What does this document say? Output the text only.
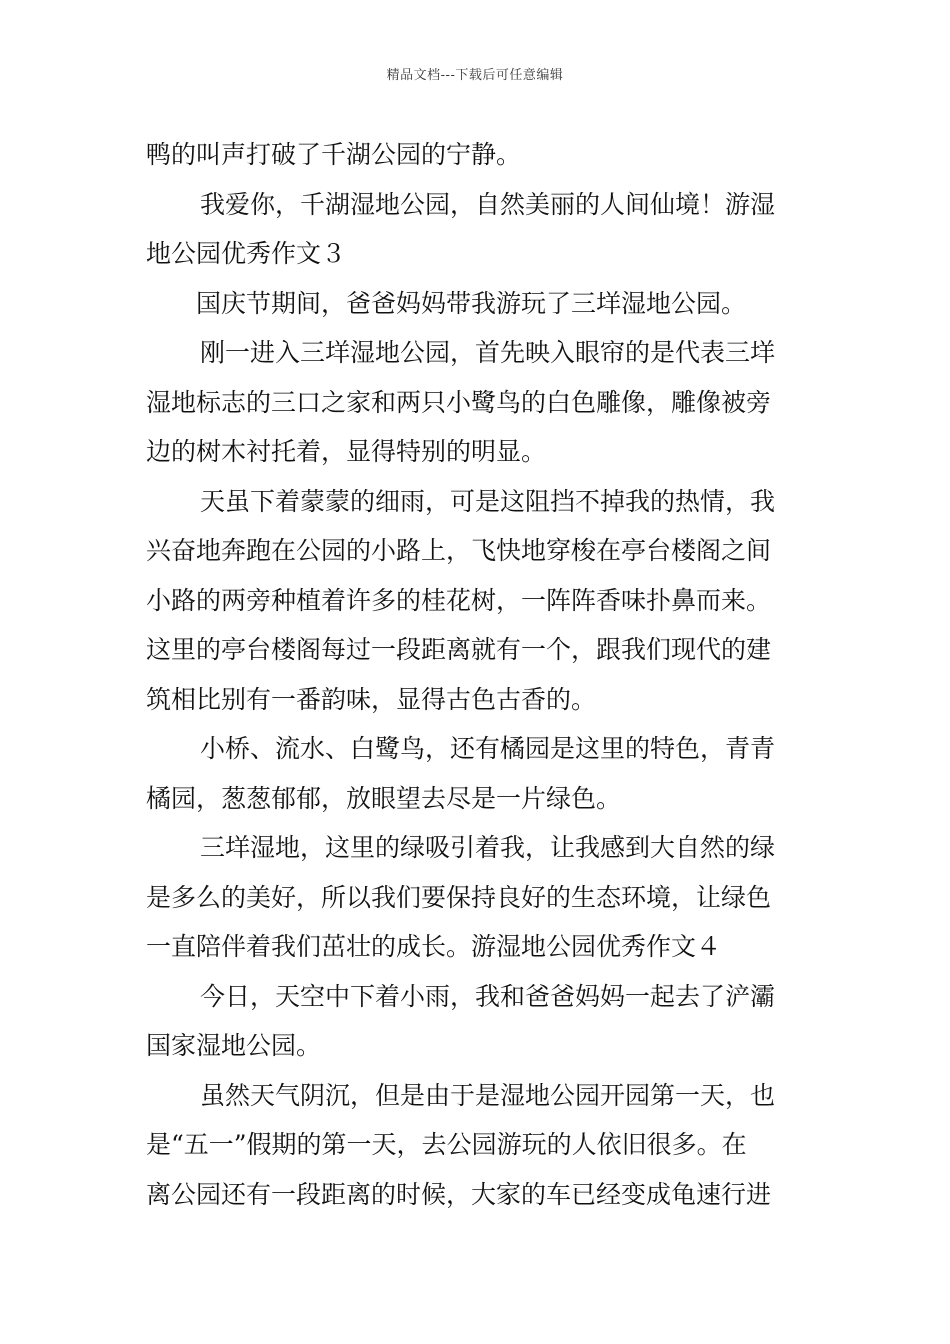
精品文档---下载后可任意编辑
鸭的叫声打破了千湖公园的宁静。
我爱你，千湖湿地公园，自然美丽的人间仙境！游湿
地公园优秀作文３
国庆节期间，爸爸妈妈带我游玩了三垟湿地公园。
刚一进入三垟湿地公园，首先映入眼帘的是代表三垟
湿地标志的三口之家和两只小鹭鸟的白色雕像，雕像被旁
边的树木衬托着，显得特别的明显。
天虽下着蒙蒙的细雨，可是这阻挡不掉我的热情，我
兴奋地奔跑在公园的小路上，飞快地穿梭在亭台楼阁之间
小路的两旁种植着许多的桂花树，一阵阵香味扑鼻而来。
这里的亭台楼阁每过一段距离就有一个，跟我们现代的建
筑相比别有一番韵味，显得古色古香的。
小桥、流水、白鹭鸟，还有橘园是这里的特色，青青
橘园，葱葱郁郁，放眼望去尽是一片绿色。
三垟湿地，这里的绿吸引着我，让我感到大自然的绿
是多么的美好，所以我们要保持良好的生态环境，让绿色
一直陪伴着我们茁壮的成长。游湿地公园优秀作文４
今日，天空中下着小雨，我和爸爸妈妈一起去了浐灞
国家湿地公园。
虽然天气阴沉，但是由于是湿地公园开园第一天，也
是“五一”假期的第一天，去公园游玩的人依旧很多。在
离公园还有一段距离的时候，大家的车已经变成龟速行进
